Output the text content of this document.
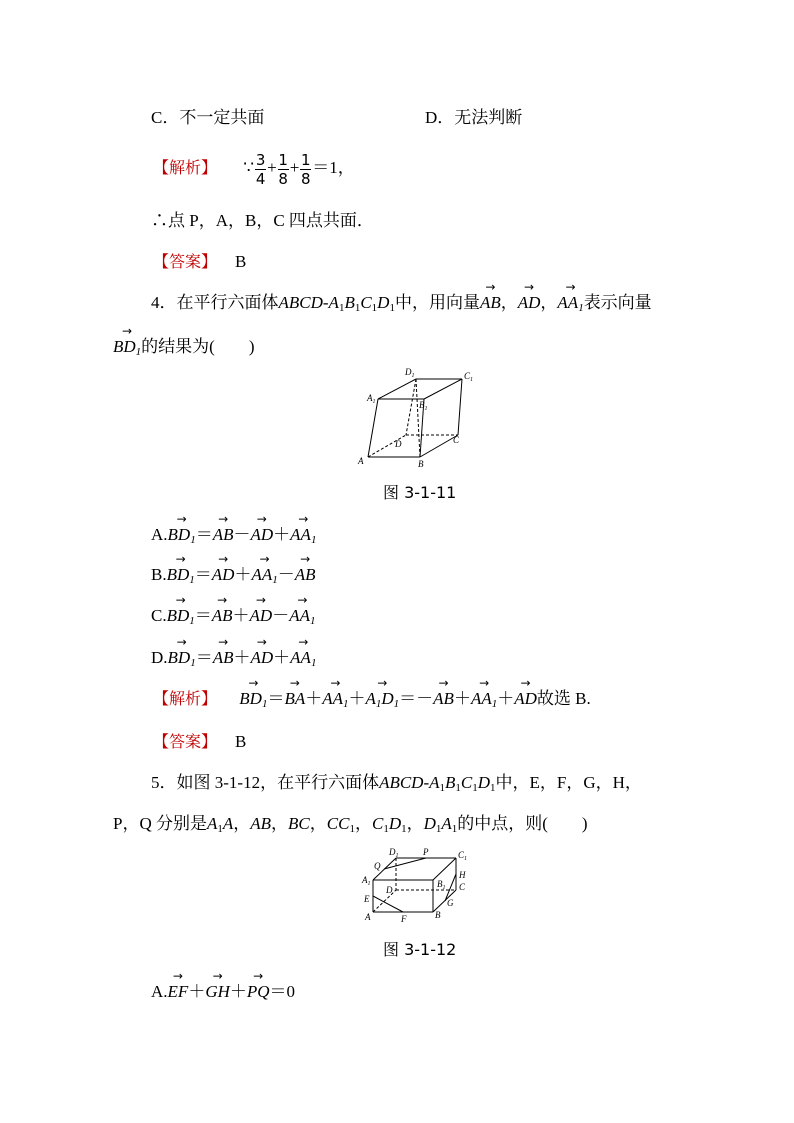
C．不一定共面	D．无法判断
【解析】 ∵ $\frac{3}{4} + \frac{1}{8} + \frac{1}{8} =1$，
∴点 P，A，B，C 四点共面．
【答案】 B
4．在平行六面体ABCD-$A_1B_1C_1D_1$中，用向量→ AB，→ AD，→ $AA_1$表示向量
→ $BD_1$的结果为(　　)
$D_1$	$C_1$
$A_1$	$B_1$
D	C
A	B
图 3-1-11
$A.\to BD_1=\to AB-\to AD+\to AA_1$
$B.\to BD_1=\to AD+\to AA_1-\to$ AB
$C.\to BD_1=\to AB+\to AD-\to AA_1$
$D.\to BD_1=\to AB+\to AD+\to AA_1$
【解析】 → $BD_1=\to BA+\to AA_1+\to A_1D_1=-\to AB+\to AA_1+\to$ AD故选 B.
【答案】 B
5．如图 3-1-12，在平行六面体ABCD-$A_1B_1C_1D_1$中，E，F，G，H，
P，Q 分别是$A_1A$，AB，BC，$CC_1$，$C_1D_1$，$D_1A_1$的中点，则(　　)
$D_1$	P	$C_1$
Q
$A_1$	$B_1$
H
C
D
E	G
A	F	B
图 3-1-12
A.→ EF＋→ GH＋→ PQ＝0
